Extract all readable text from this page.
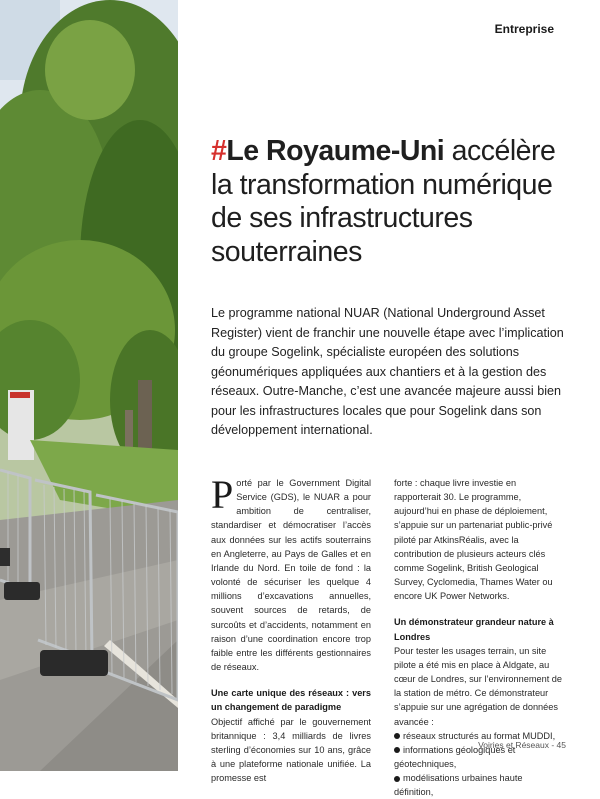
Entreprise
#Le Royaume-Uni accélère la transformation numérique de ses infrastructures souterraines

Le programme national NUAR (National Underground Asset Register) vient de franchir une nouvelle étape avec l’implication du groupe Sogelink, spécialiste européen des solutions géonumériques appliquées aux chantiers et à la gestion des réseaux. Outre-Manche, c’est une avancée majeure aussi bien pour les infrastructures locales que pour Sogelink dans son développement international.

Porté par le Government Digital Service (GDS), le NUAR a pour ambition de centraliser, standardiser et démocratiser l’accès aux données sur les actifs souterrains en Angleterre, au Pays de Galles et en Irlande du Nord. En toile de fond : la volonté de sécuriser les quelque 4 millions d’excavations annuelles, souvent sources de retards, de surcoûts et d’accidents, notamment en raison d’une coordination encore trop faible entre les différents gestionnaires de réseaux.

Une carte unique des réseaux : vers un changement de paradigme

Objectif affiché par le gouvernement britannique : 3,4 milliards de livres sterling d’économies sur 10 ans, grâce à une plateforme nationale unifiée. La promesse est

forte : chaque livre investie en rapporterait 30. Le programme, aujourd’hui en phase de déploiement, s’appuie sur un partenariat public-privé piloté par AtkinsRéalis, avec la contribution de plusieurs acteurs clés comme Sogelink, British Geological Survey, Cyclomedia, Thames Water ou encore UK Power Networks.

Un démonstrateur grandeur nature à Londres

Pour tester les usages terrain, un site pilote a été mis en place à Aldgate, au cœur de Londres, sur l’environnement de la station de métro. Ce démonstrateur s’appuie sur une agrégation de données avancée :

réseaux structurés au format MUDDI,
informations géologiques et géotechniques,
modélisations urbaines haute définition,
Voiries et Réseaux - 45
